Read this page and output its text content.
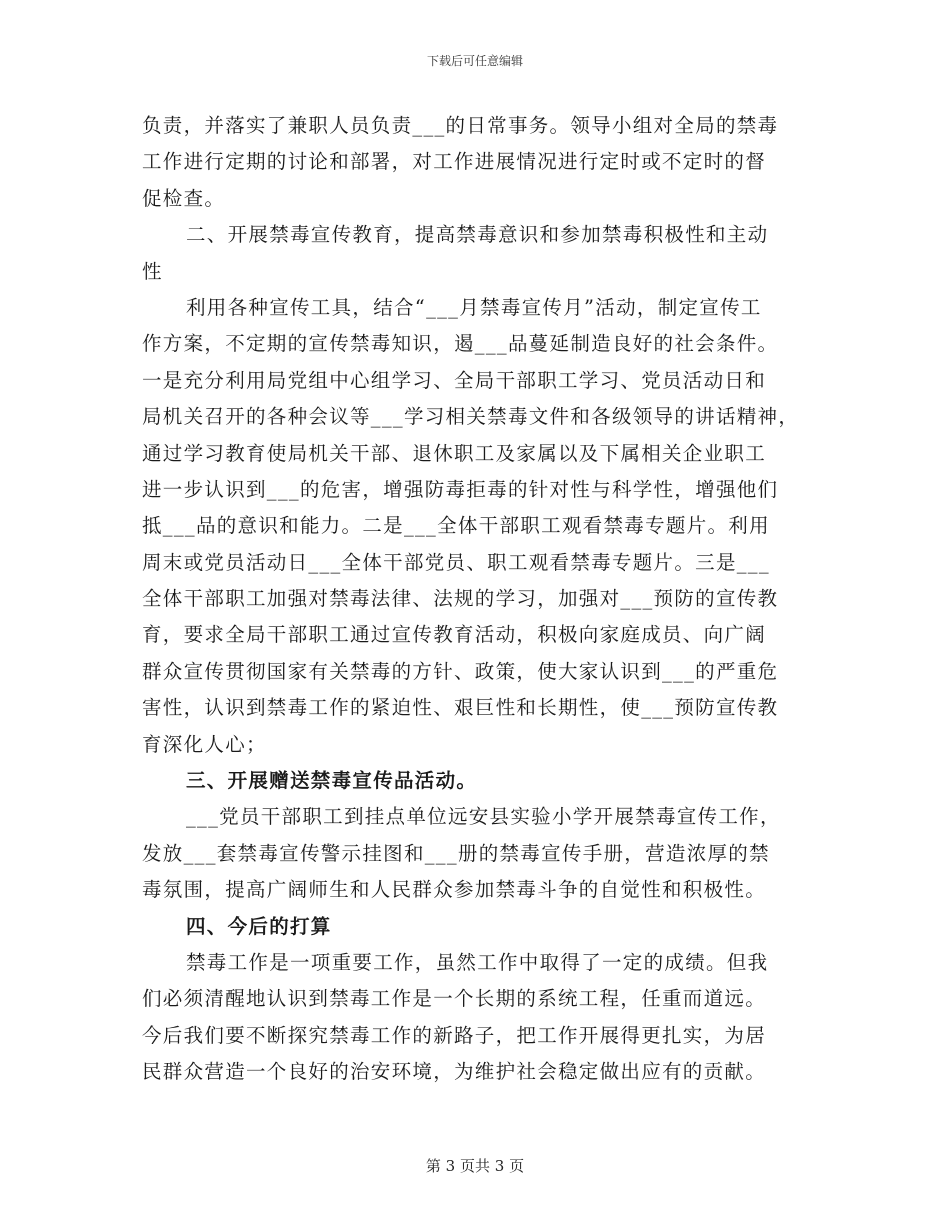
下载后可任意编辑
负责，并落实了兼职人员负责___的日常事务。领导小组对全局的禁毒
工作进行定期的讨论和部署，对工作进展情况进行定时或不定时的督
促检查。
二、开展禁毒宣传教育，提高禁毒意识和参加禁毒积极性和主动
性
利用各种宣传工具，结合“___月禁毒宣传月”活动，制定宣传工
作方案，不定期的宣传禁毒知识，遏___品蔓延制造良好的社会条件。
一是充分利用局党组中心组学习、全局干部职工学习、党员活动日和
局机关召开的各种会议等___学习相关禁毒文件和各级领导的讲话精神，
通过学习教育使局机关干部、退休职工及家属以及下属相关企业职工
进一步认识到___的危害，增强防毒拒毒的针对性与科学性，增强他们
抵___品的意识和能力。二是___全体干部职工观看禁毒专题片。利用
周末或党员活动日___全体干部党员、职工观看禁毒专题片。三是___
全体干部职工加强对禁毒法律、法规的学习，加强对___预防的宣传教
育，要求全局干部职工通过宣传教育活动，积极向家庭成员、向广阔
群众宣传贯彻国家有关禁毒的方针、政策，使大家认识到___的严重危
害性，认识到禁毒工作的紧迫性、艰巨性和长期性，使___预防宣传教
育深化人心；
三、开展赠送禁毒宣传品活动。
___党员干部职工到挂点单位远安县实验小学开展禁毒宣传工作，
发放___套禁毒宣传警示挂图和___册的禁毒宣传手册，营造浓厚的禁
毒氛围，提高广阔师生和人民群众参加禁毒斗争的自觉性和积极性。
四、今后的打算
禁毒工作是一项重要工作，虽然工作中取得了一定的成绩。但我
们必须清醒地认识到禁毒工作是一个长期的系统工程，任重而道远。
今后我们要不断探究禁毒工作的新路子，把工作开展得更扎实，为居
民群众营造一个良好的治安环境，为维护社会稳定做出应有的贡献。
第 3 页共 3 页
